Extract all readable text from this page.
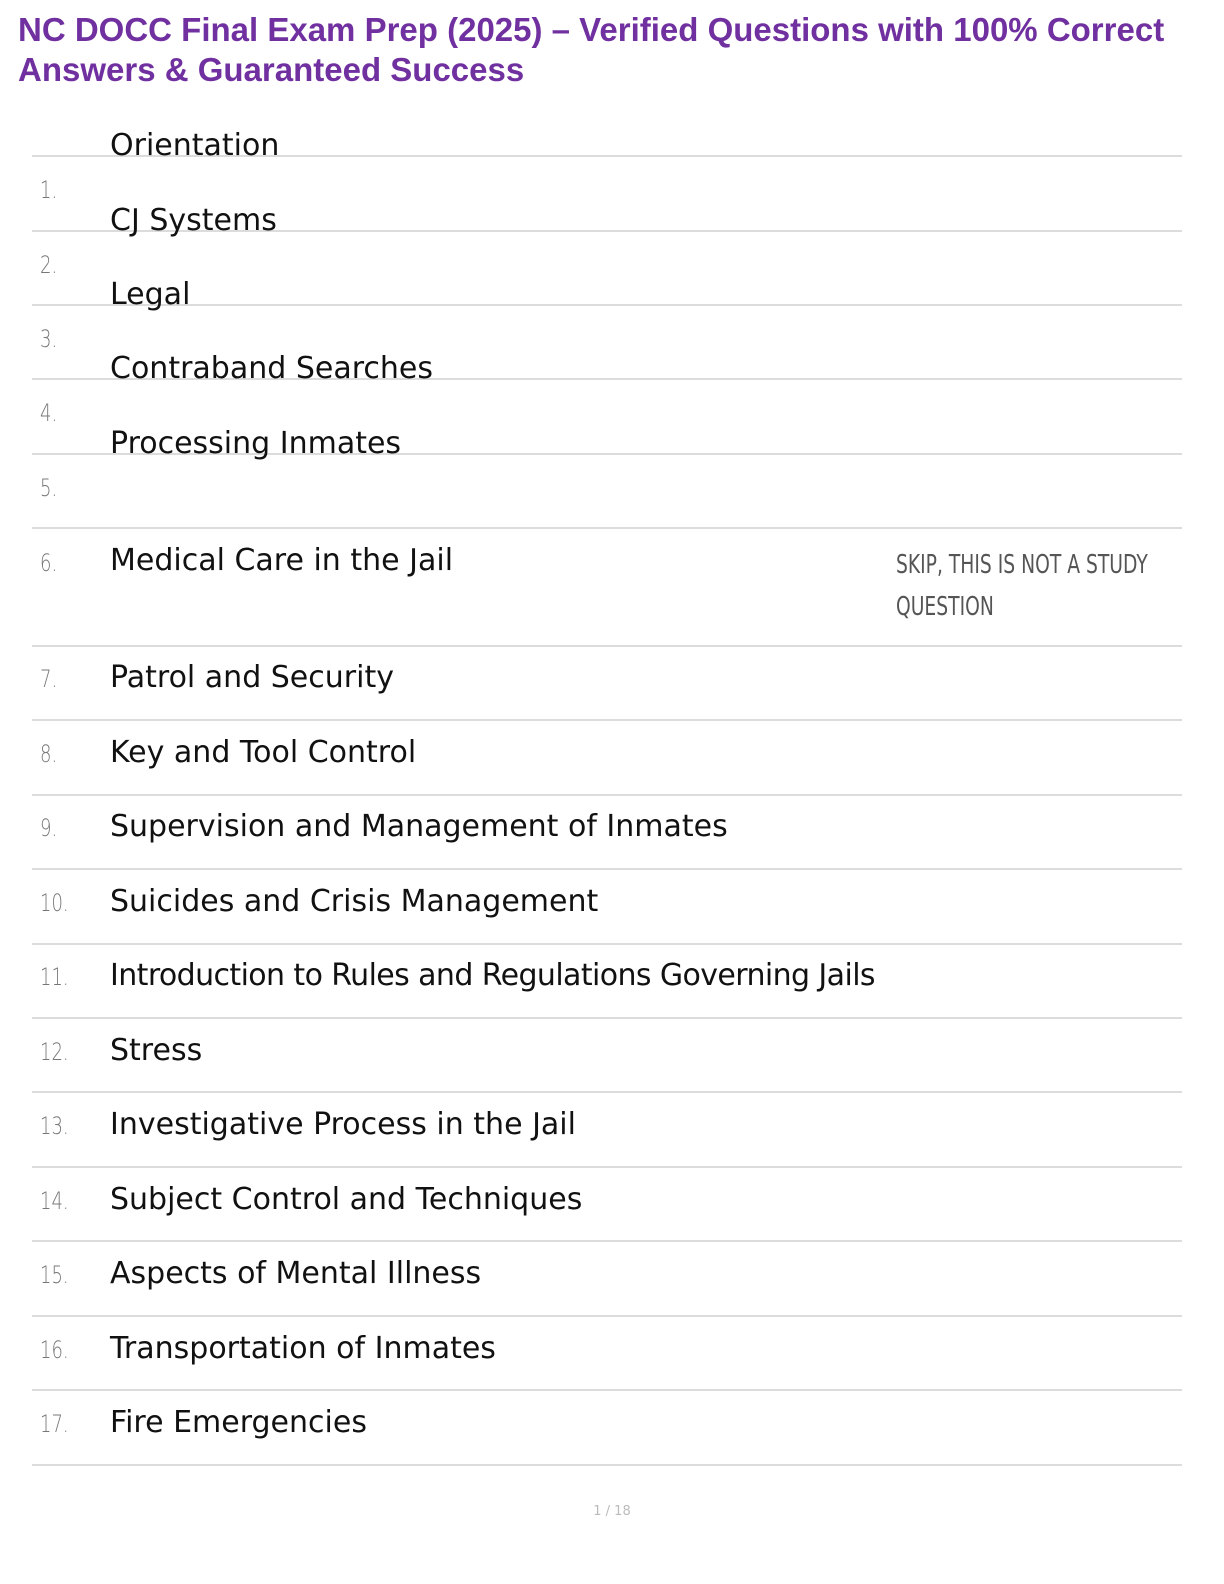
NC DOCC Final Exam Prep (2025) – Verified Questions with 100% Correct Answers & Guaranteed Success
Orientation
1.
CJ Systems
2.
Legal
3.
Contraband Searches
4.
Processing Inmates
5.
6. Medical Care in the Jail	SKIP, THIS IS NOT A STUDY
QUESTION
7. Patrol and Security
8. Key and Tool Control
9. Supervision and Management of Inmates
10. Suicides and Crisis Management
11. Introduction to Rules and Regulations Governing Jails
12. Stress
13. Investigative Process in the Jail
14. Subject Control and Techniques
15. Aspects of Mental Illness
16. Transportation of Inmates
17. Fire Emergencies
1 / 18
